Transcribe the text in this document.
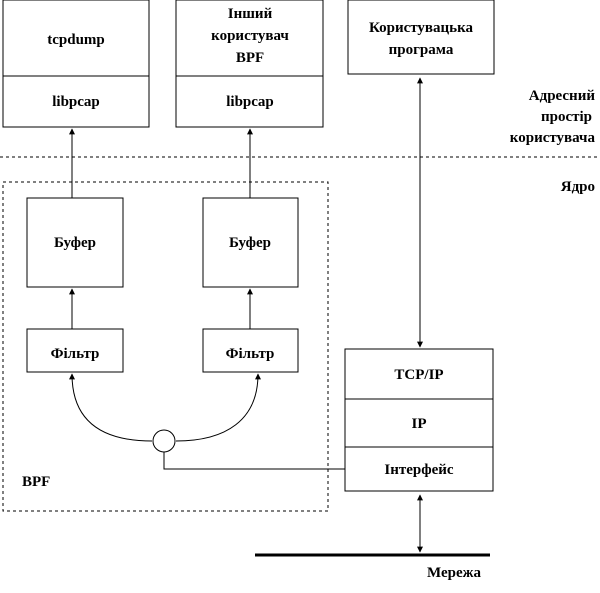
tcpdump
libpcap
Інший
користувач
BPF
libpcap
Користувацька
програма
Адресний
простір
користувача
Ядро
BPF
Буфер	Буфер
Фільтр	Фільтр
TCP/IP
IP
Інтерфейс
Мережа
